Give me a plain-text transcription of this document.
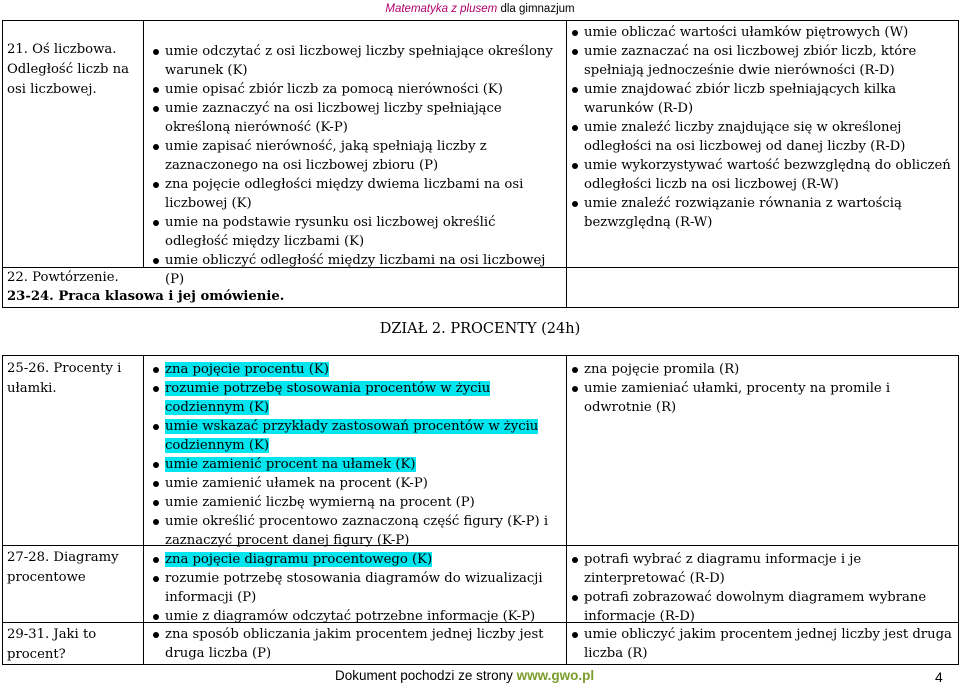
Matematyka z plusem dla gimnazjum
21. Oś liczbowa. Odległość liczb na osi liczbowej.
umie odczytać z osi liczbowej liczby spełniające określony warunek (K)
umie opisać zbiór liczb za pomocą nierówności (K)
umie zaznaczyć na osi liczbowej liczby spełniające określoną nierówność (K-P)
umie zapisać nierówność, jaką spełniają liczby z zaznaczonego na osi liczbowej zbioru (P)
zna pojęcie odległości między dwiema liczbami na osi liczbowej (K)
umie na podstawie rysunku osi liczbowej określić odległość między liczbami (K)
umie obliczyć odległość między liczbami na osi liczbowej (P)
umie obliczać wartości ułamków piętrowych (W)
umie zaznaczać na osi liczbowej zbiór liczb, które spełniają jednocześnie dwie nierówności (R-D)
umie znajdować zbiór liczb spełniających kilka warunków (R-D)
umie znaleźć liczby znajdujące się w określonej odległości na osi liczbowej od danej liczby (R-D)
umie wykorzystywać wartość bezwzględną do obliczeń odległości liczb na osi liczbowej (R-W)
umie znaleźć rozwiązanie równania z wartością bezwzględną (R-W)
22. Powtórzenie.
23-24. Praca klasowa i jej omówienie.
DZIAŁ 2. PROCENTY (24h)
25-26. Procenty i ułamki.
zna pojęcie procentu (K)
rozumie potrzebę stosowania procentów w życiu codziennym (K)
umie wskazać przykłady zastosowań procentów w życiu codziennym (K)
umie zamienić procent na ułamek (K)
umie zamienić ułamek na procent (K-P)
umie zamienić liczbę wymierną na procent (P)
umie określić procentowo zaznaczoną część figury (K-P) i zaznaczyć procent danej figury (K-P)
zna pojęcie promila (R)
umie zamieniać ułamki, procenty na promile i odwrotnie (R)
27-28. Diagramy procentowe
zna pojęcie diagramu procentowego (K)
rozumie potrzebę stosowania diagramów do wizualizacji informacji (P)
umie z diagramów odczytać potrzebne informacje (K-P)
potrafi wybrać z diagramu informacje i je zinterpretować (R-D)
potrafi zobrazować dowolnym diagramem wybrane informacje (R-D)
29-31. Jaki to procent?
zna sposób obliczania jakim procentem jednej liczby jest druga liczba (P)
umie obliczyć jakim procentem jednej liczby jest druga liczba (R)
Dokument pochodzi ze strony www.gwo.pl	4
